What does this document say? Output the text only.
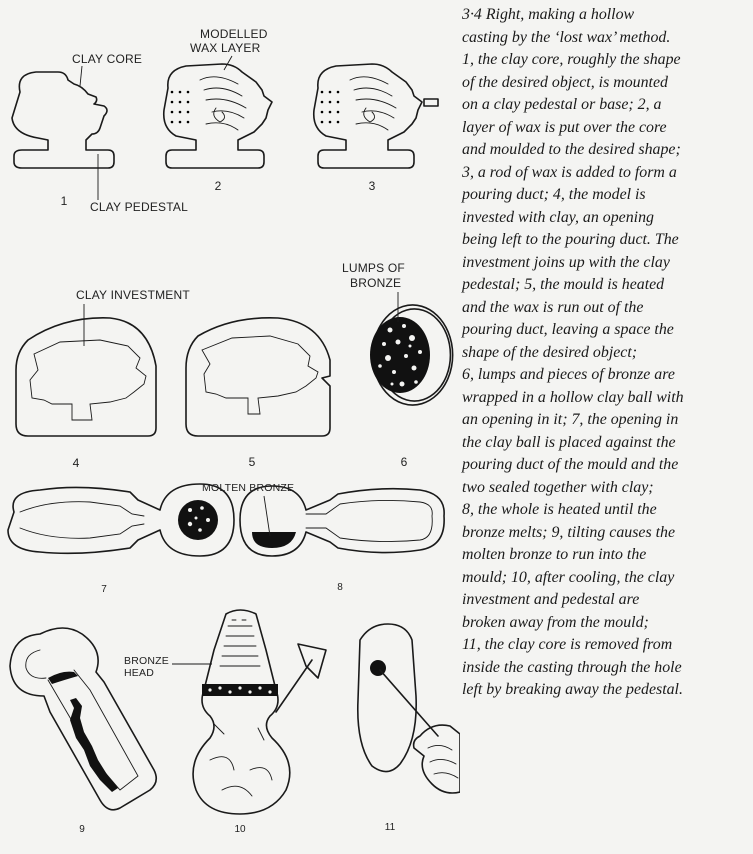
CLAY CORE
CLAY PEDESTAL
1
MODELLED
WAX LAYER
2	3
CLAY INVESTMENT
4	5
LUMPS OF
BRONZE
6
7
MOLTEN BRONZE
8
9
BRONZE
HEAD
10	11
3·4 Right, making a hollow
casting by the ‘lost wax’ method.
1, the clay core, roughly the shape
of the desired object, is mounted
on a clay pedestal or base; 2, a
layer of wax is put over the core
and moulded to the desired shape;
3, a rod of wax is added to form a
pouring duct; 4, the model is
invested with clay, an opening
being left to the pouring duct. The
investment joins up with the clay
pedestal; 5, the mould is heated
and the wax is run out of the
pouring duct, leaving a space the
shape of the desired object;
6, lumps and pieces of bronze are
wrapped in a hollow clay ball with
an opening in it; 7, the opening in
the clay ball is placed against the
pouring duct of the mould and the
two sealed together with clay;
8, the whole is heated until the
bronze melts; 9, tilting causes the
molten bronze to run into the
mould; 10, after cooling, the clay
investment and pedestal are
broken away from the mould;
11, the clay core is removed from
inside the casting through the hole
left by breaking away the pedestal.
